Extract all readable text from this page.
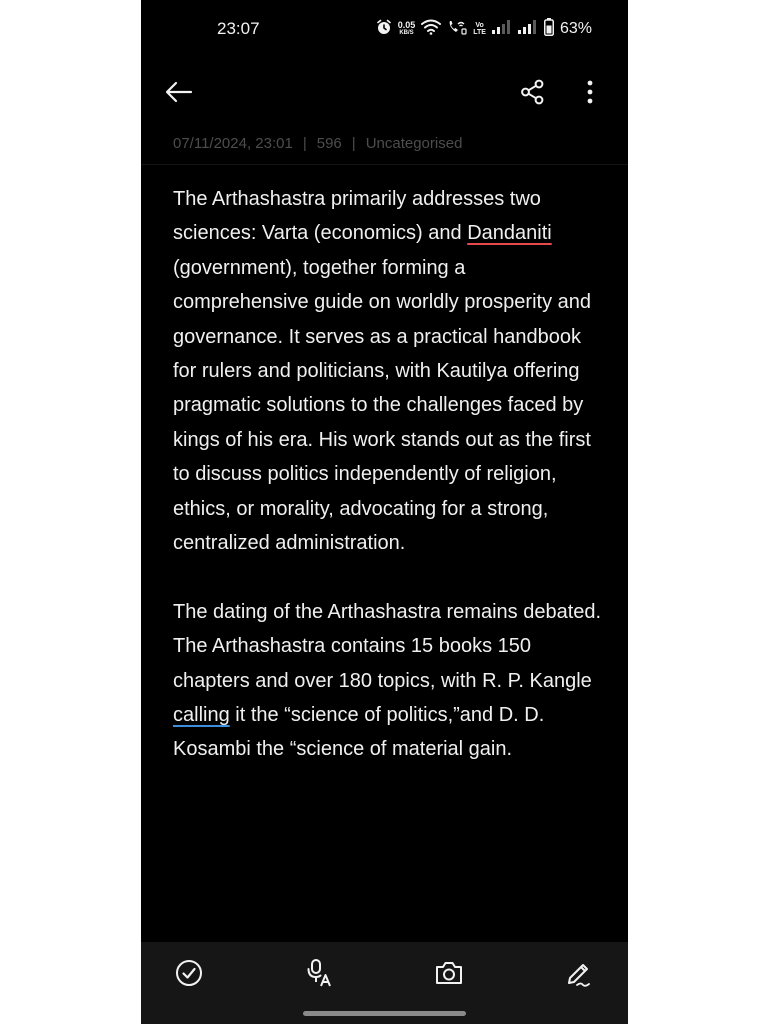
23:07	0.05
KB/S
Vo
LTE	63%
07/11/2024, 23:01 | 596 | Uncategorised

The Arthashastra primarily addresses two sciences: Varta (economics) and Dandaniti (government), together forming a comprehensive guide on worldly prosperity and governance. It serves as a practical handbook for rulers and politicians, with Kautilya offering pragmatic solutions to the challenges faced by kings of his era. His work stands out as the first to discuss politics independently of religion, ethics, or morality, advocating for a strong, centralized administration.

The dating of the Arthashastra remains debated. The Arthashastra contains 15 books 150 chapters and over 180 topics, with R. P. Kangle calling it the “science of politics,”and D. D. Kosambi the “science of material gain.
